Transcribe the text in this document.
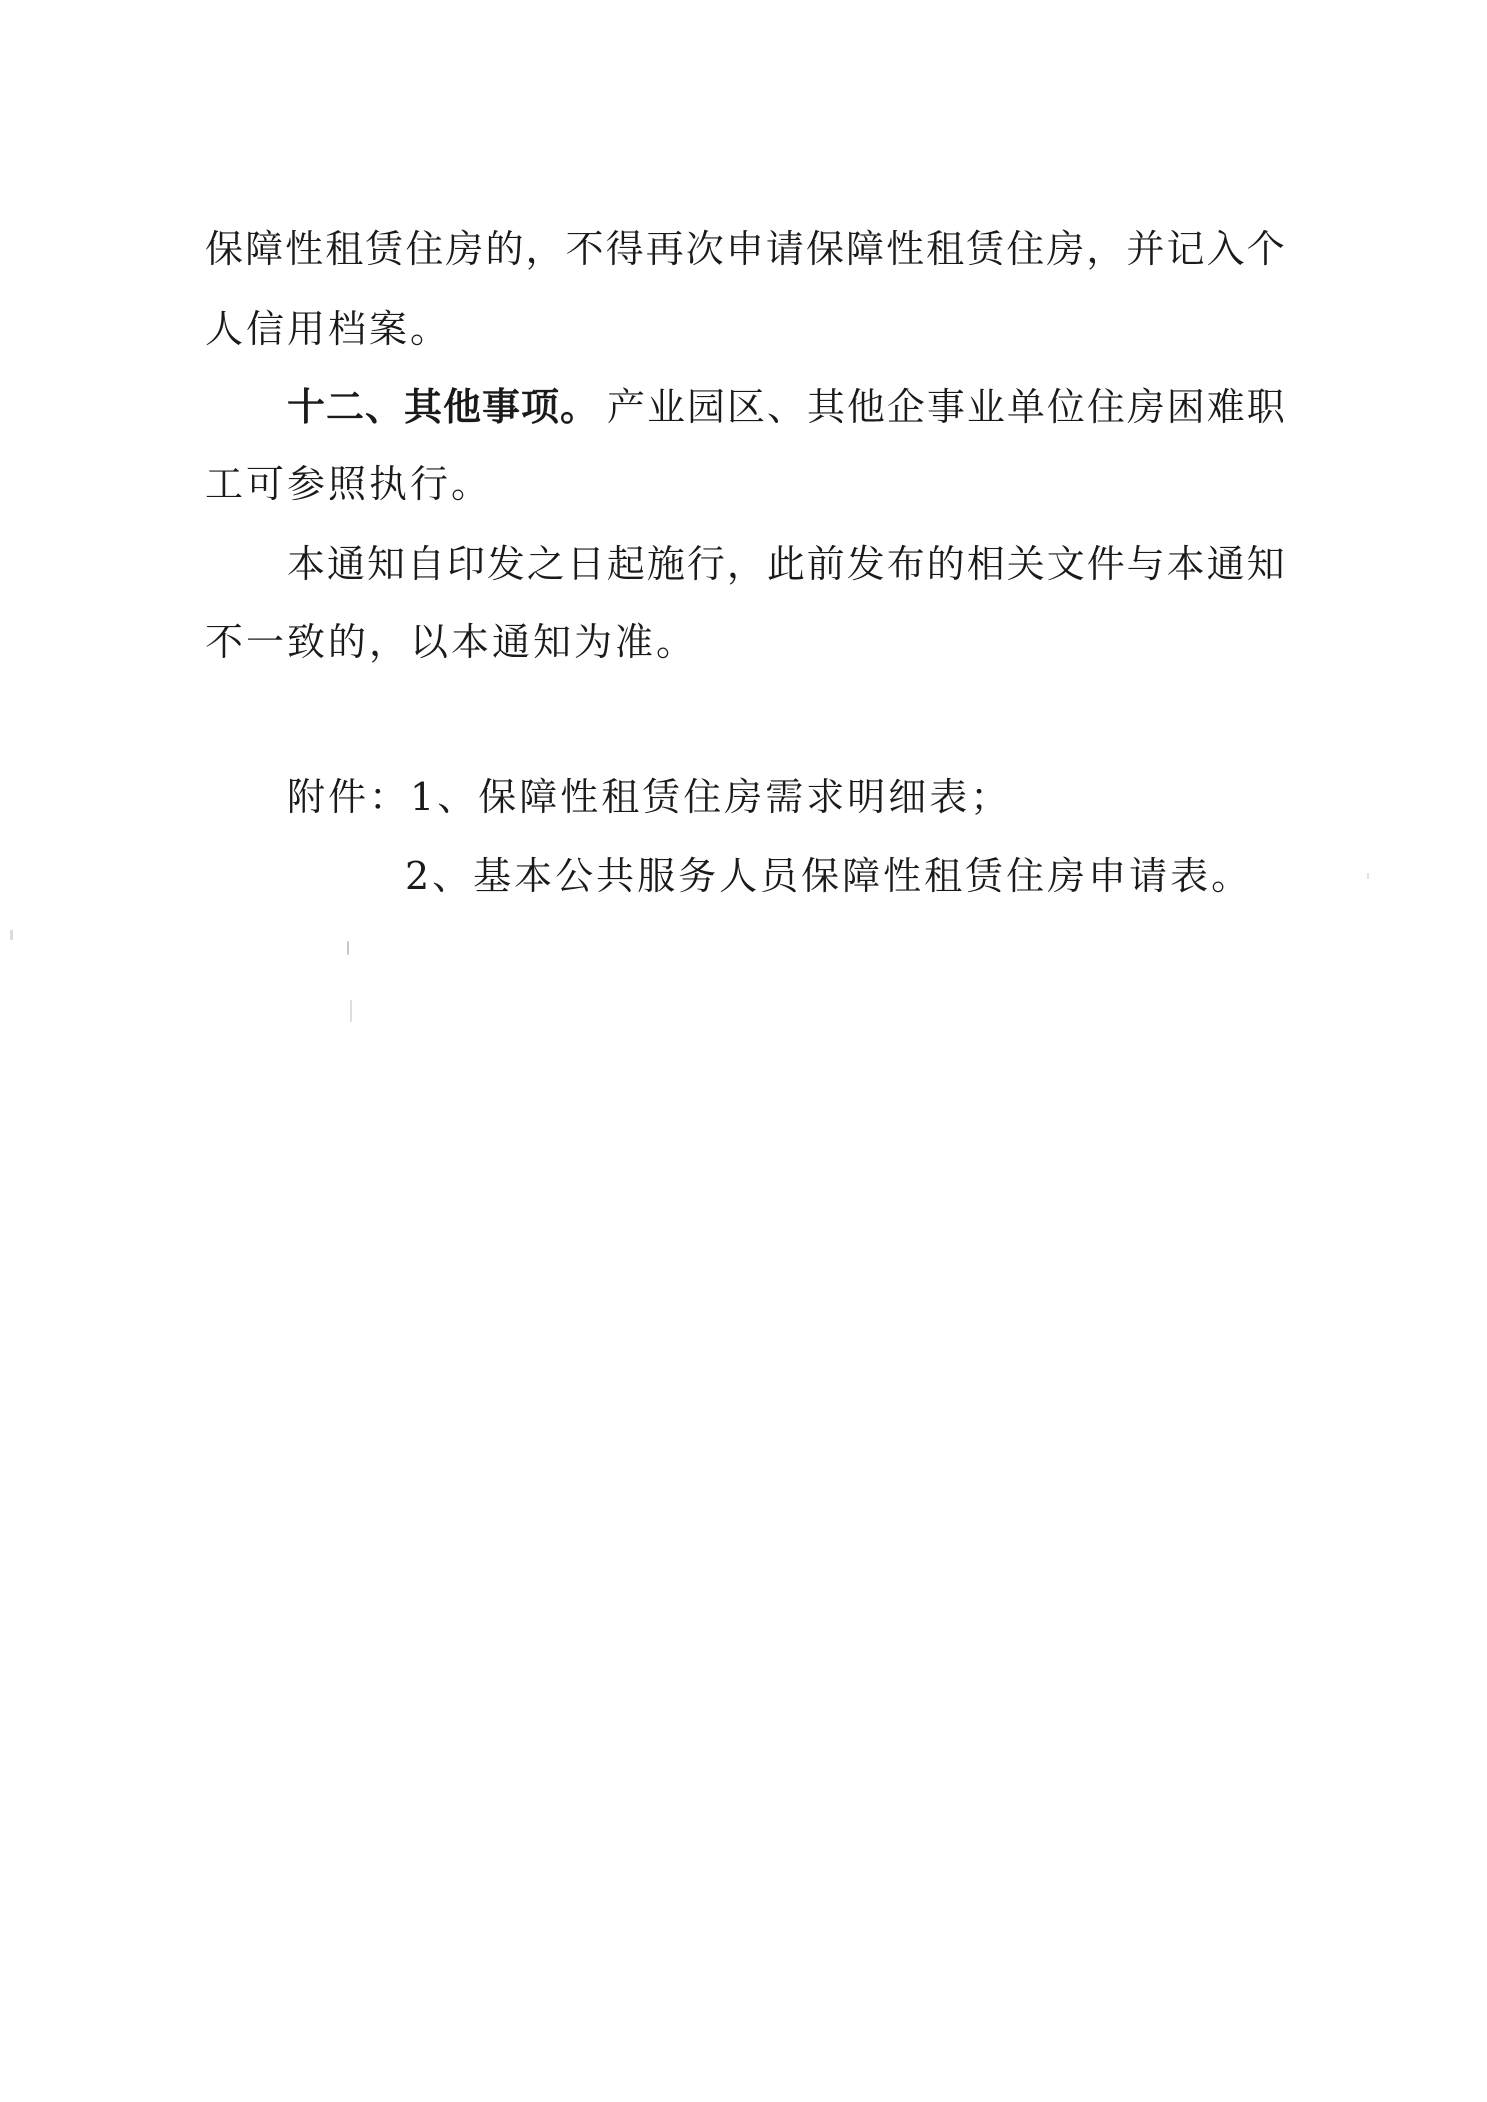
保 障 性 租 赁 住 房 的 ， 不 得 再 次 申 请 保 障 性 租 赁 住 房 ， 并 记 入 个
人信用档案。
十二、其他事项。 产 业 园 区 、 其 他 企 事 业 单 位 住 房 困 难 职
工可参照执行。
本 通 知 自 印 发 之 日 起 施 行 ， 此 前 发 布 的 相 关 文 件 与 本 通 知
不一致的，以本通知为准。
附件：1、保障性租赁住房需求明细表；
2、基本公共服务人员保障性租赁住房申请表。
